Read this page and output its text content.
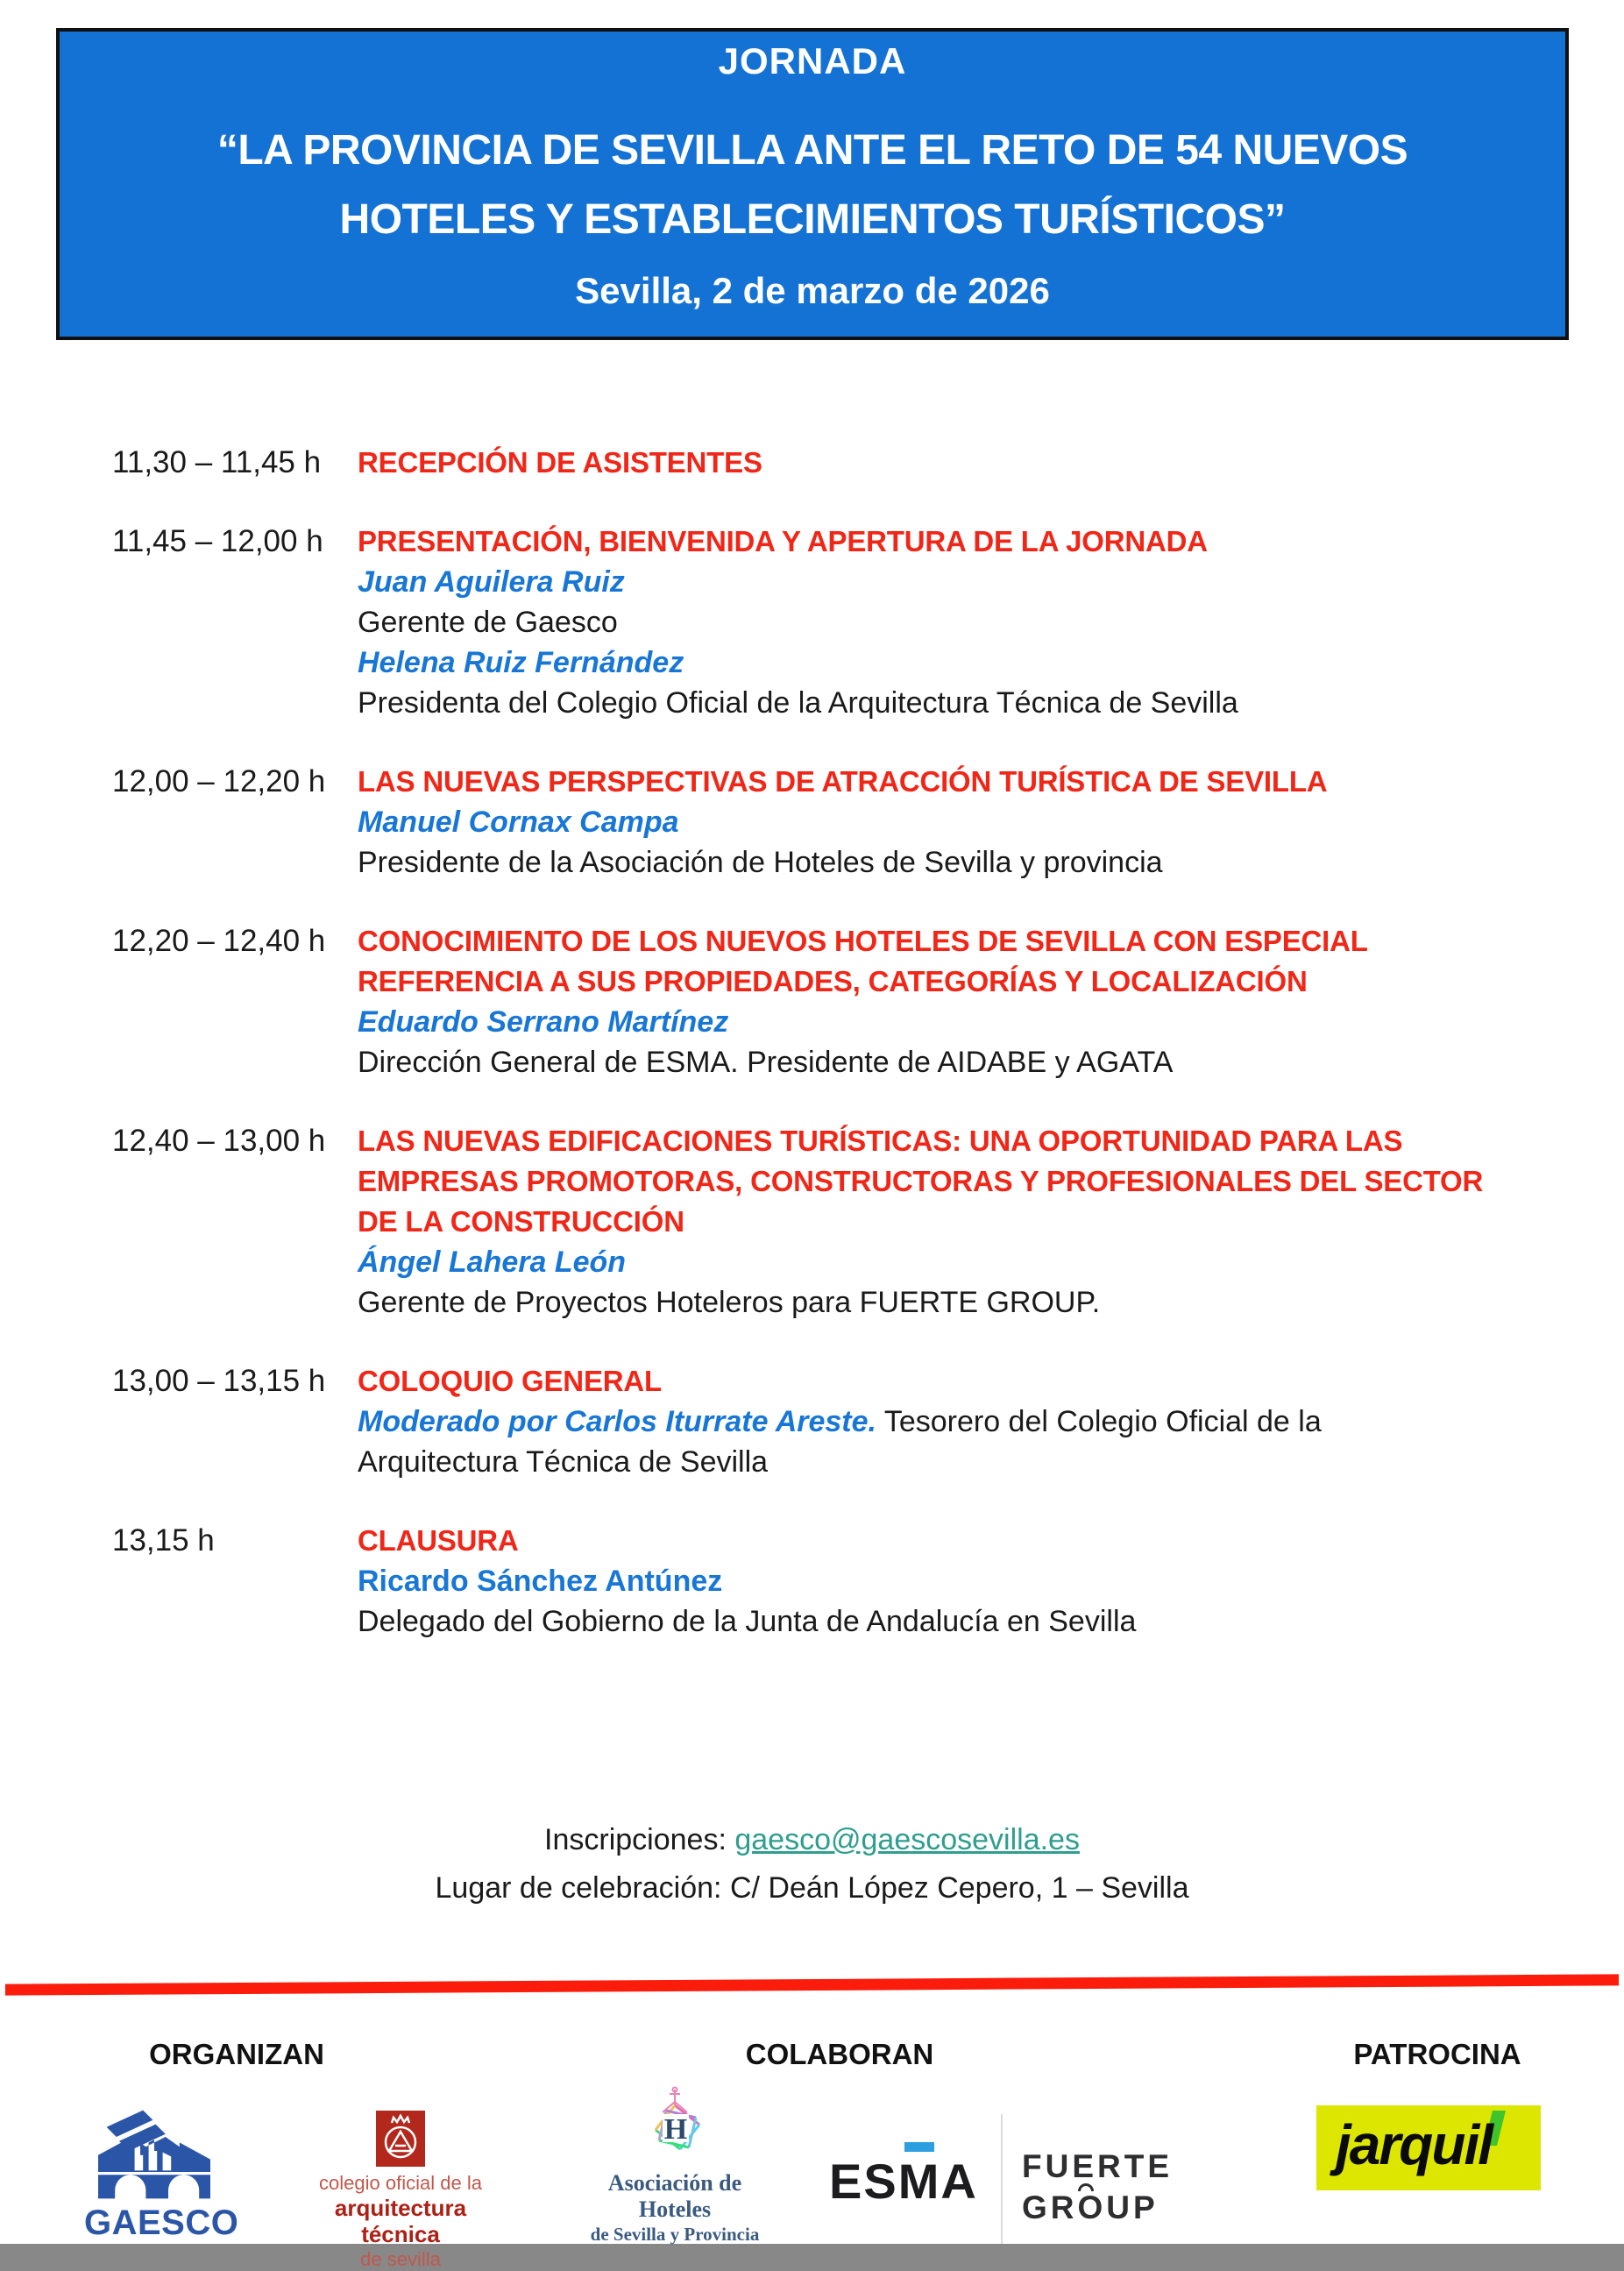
JORNADA
“LA PROVINCIA DE SEVILLA ANTE EL RETO DE 54 NUEVOS
HOTELES Y ESTABLECIMIENTOS TURÍSTICOS”
Sevilla, 2 de marzo de 2026
11,30 – 11,45 h	RECEPCIÓN DE ASISTENTES
11,45 – 12,00 h	PRESENTACIÓN, BIENVENIDA Y APERTURA DE LA JORNADA
Juan Aguilera Ruiz
Gerente de Gaesco
Helena Ruiz Fernández
Presidenta del Colegio Oficial de la Arquitectura Técnica de Sevilla
12,00 – 12,20 h	LAS NUEVAS PERSPECTIVAS DE ATRACCIÓN TURÍSTICA DE SEVILLA
Manuel Cornax Campa
Presidente de la Asociación de Hoteles de Sevilla y provincia
12,20 – 12,40 h	CONOCIMIENTO DE LOS NUEVOS HOTELES DE SEVILLA CON ESPECIAL
REFERENCIA A SUS PROPIEDADES, CATEGORÍAS Y LOCALIZACIÓN
Eduardo Serrano Martínez
Dirección General de ESMA. Presidente de AIDABE y AGATA
12,40 – 13,00 h	LAS NUEVAS EDIFICACIONES TURÍSTICAS: UNA OPORTUNIDAD PARA LAS
EMPRESAS PROMOTORAS, CONSTRUCTORAS Y PROFESIONALES DEL SECTOR
DE LA CONSTRUCCIÓN
Ángel Lahera León
Gerente de Proyectos Hoteleros para FUERTE GROUP.
13,00 – 13,15 h	COLOQUIO GENERAL
Moderado por Carlos Iturrate Areste. Tesorero del Colegio Oficial de la
Arquitectura Técnica de Sevilla
13,15 h	CLAUSURA
Ricardo Sánchez Antúnez
Delegado del Gobierno de la Junta de Andalucía en Sevilla
Inscripciones: gaesco@gaescosevilla.es
Lugar de celebración: C/ Deán López Cepero, 1 – Sevilla
ORGANIZAN	COLABORAN	PATROCINA
GAESCO
colegio oficial de la
arquitectura técnica
de sevilla
H
Asociación de Hoteles
de Sevilla y Provincia
ESMA FUERTE
GROUP
jarquil
